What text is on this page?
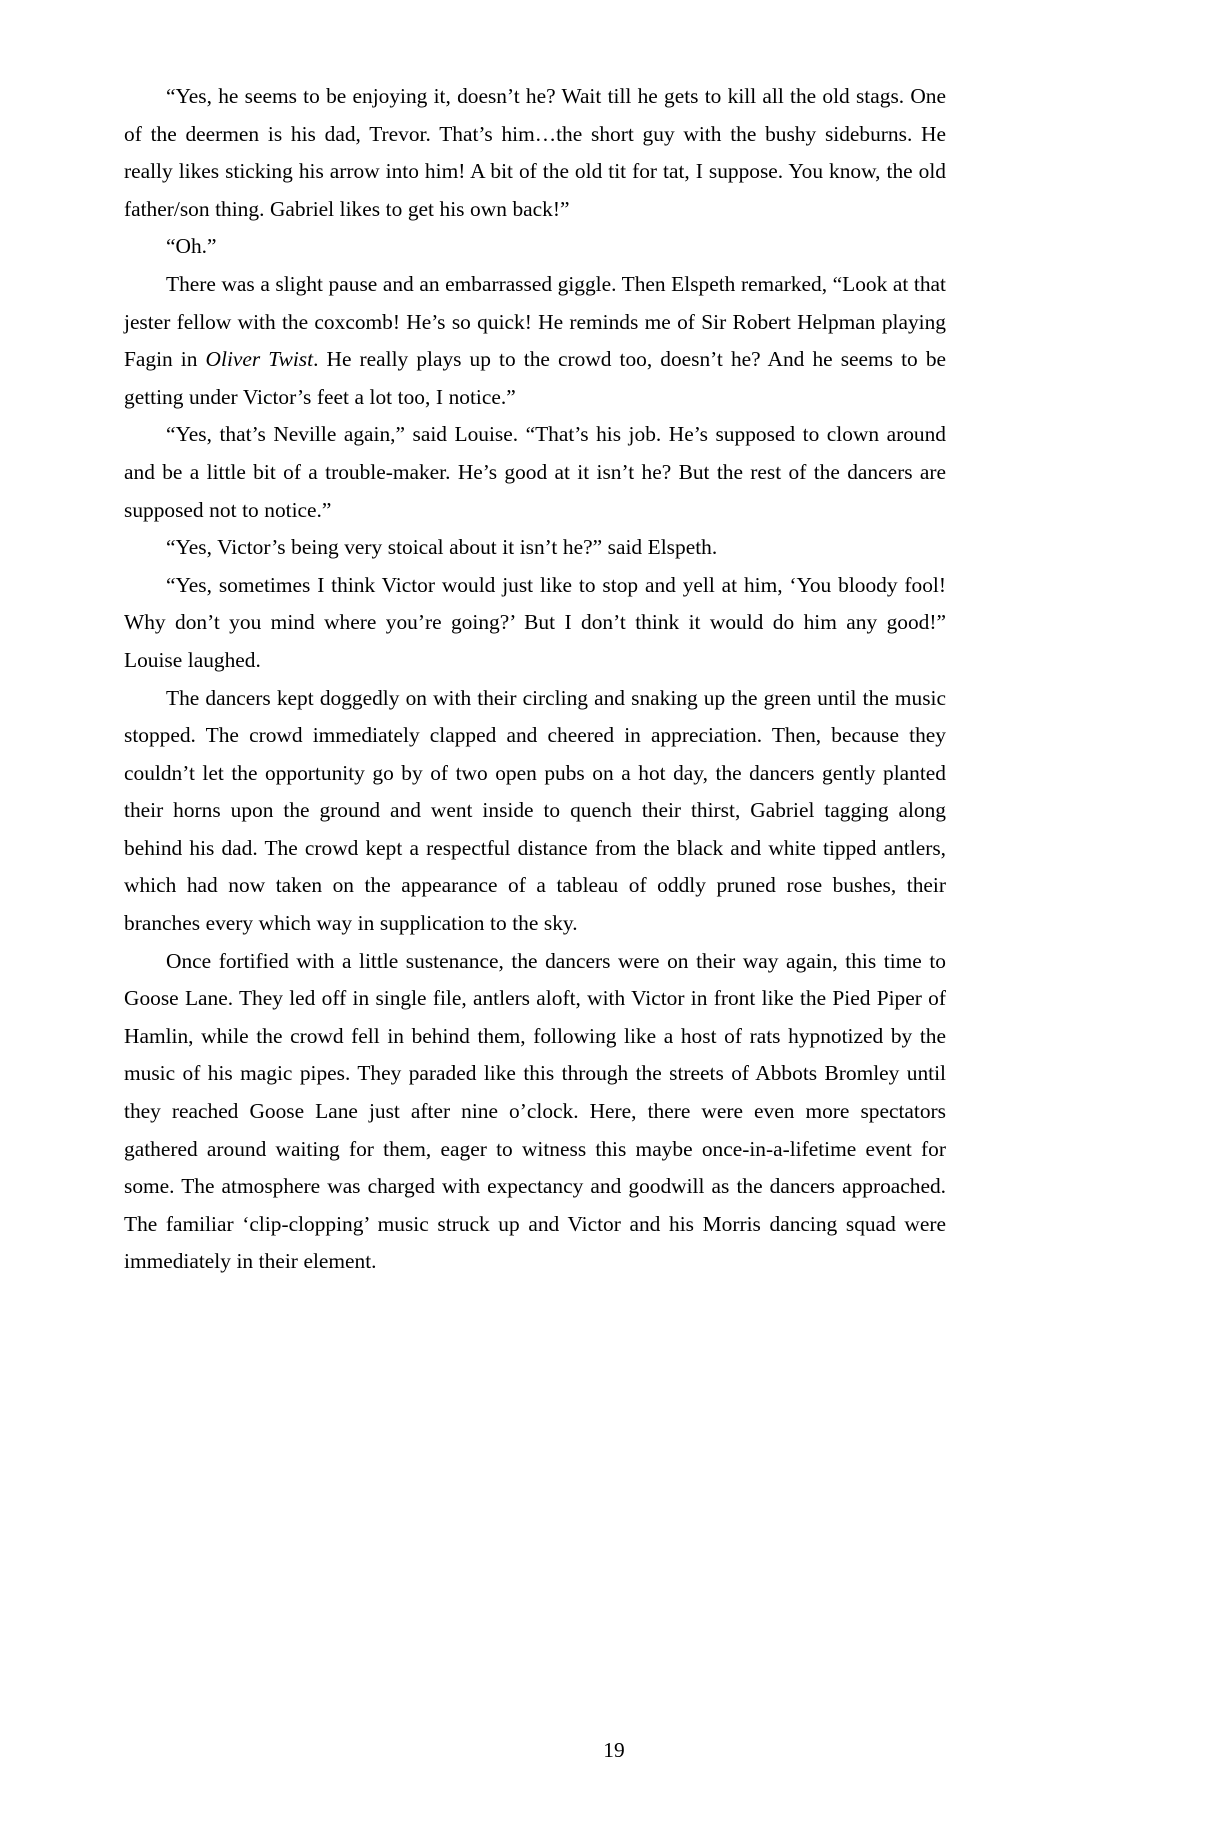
“Yes, he seems to be enjoying it, doesn’t he? Wait till he gets to kill all the old stags. One of the deermen is his dad, Trevor. That’s him…the short guy with the bushy sideburns. He really likes sticking his arrow into him! A bit of the old tit for tat, I suppose. You know, the old father/son thing. Gabriel likes to get his own back!”

“Oh.”

There was a slight pause and an embarrassed giggle. Then Elspeth remarked, “Look at that jester fellow with the coxcomb! He’s so quick! He reminds me of Sir Robert Helpman playing Fagin in Oliver Twist. He really plays up to the crowd too, doesn’t he? And he seems to be getting under Victor’s feet a lot too, I notice.”

“Yes, that’s Neville again,” said Louise. “That’s his job. He’s supposed to clown around and be a little bit of a trouble-maker. He’s good at it isn’t he? But the rest of the dancers are supposed not to notice.”

“Yes, Victor’s being very stoical about it isn’t he?” said Elspeth.

“Yes, sometimes I think Victor would just like to stop and yell at him, ‘You bloody fool! Why don’t you mind where you’re going?’ But I don’t think it would do him any good!” Louise laughed.

The dancers kept doggedly on with their circling and snaking up the green until the music stopped. The crowd immediately clapped and cheered in appreciation. Then, because they couldn’t let the opportunity go by of two open pubs on a hot day, the dancers gently planted their horns upon the ground and went inside to quench their thirst, Gabriel tagging along behind his dad. The crowd kept a respectful distance from the black and white tipped antlers, which had now taken on the appearance of a tableau of oddly pruned rose bushes, their branches every which way in supplication to the sky.

Once fortified with a little sustenance, the dancers were on their way again, this time to Goose Lane. They led off in single file, antlers aloft, with Victor in front like the Pied Piper of Hamlin, while the crowd fell in behind them, following like a host of rats hypnotized by the music of his magic pipes. They paraded like this through the streets of Abbots Bromley until they reached Goose Lane just after nine o’clock. Here, there were even more spectators gathered around waiting for them, eager to witness this maybe once-in-a-lifetime event for some. The atmosphere was charged with expectancy and goodwill as the dancers approached. The familiar ‘clip-clopping’ music struck up and Victor and his Morris dancing squad were immediately in their element.

19
